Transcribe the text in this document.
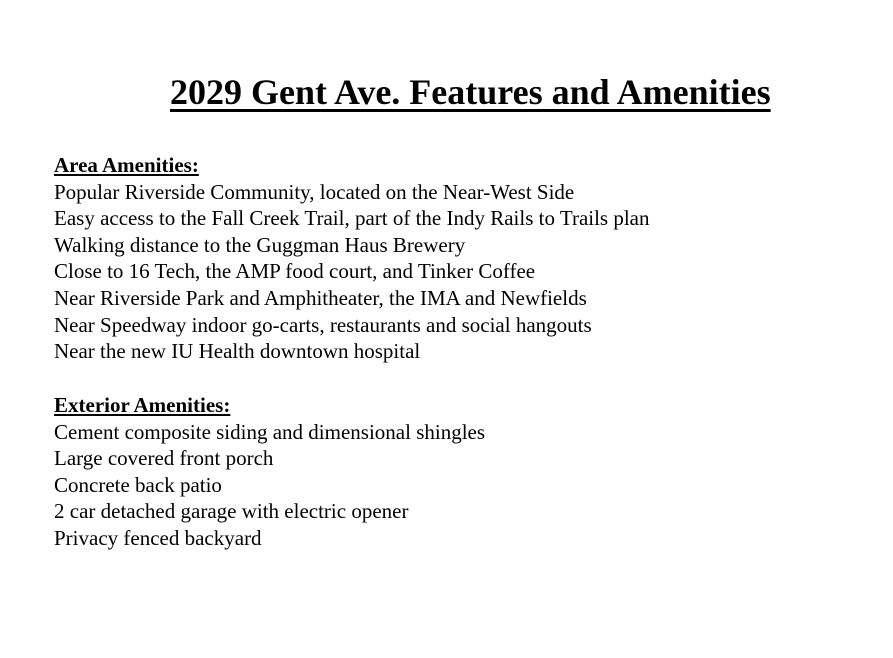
2029 Gent Ave. Features and Amenities
Area Amenities:
Popular Riverside Community, located on the Near-West Side
Easy access to the Fall Creek Trail, part of the Indy Rails to Trails plan
Walking distance to the Guggman Haus Brewery
Close to 16 Tech, the AMP food court, and Tinker Coffee
Near Riverside Park and Amphitheater, the IMA and Newfields
Near Speedway indoor go-carts, restaurants and social hangouts
Near the new IU Health downtown hospital
Exterior Amenities:
Cement composite siding and dimensional shingles
Large covered front porch
Concrete back patio
2 car detached garage with electric opener
Privacy fenced backyard
